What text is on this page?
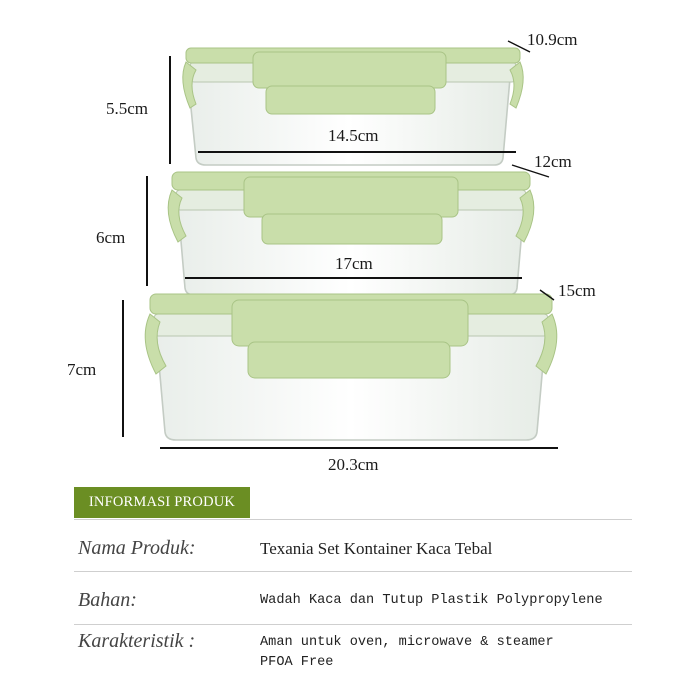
10.9cm
5.5cm
14.5cm
12cm
6cm
17cm
15cm
7cm
20.3cm
INFORMASI PRODUK
Nama Produk:	Texania Set Kontainer Kaca Tebal
Bahan:	Wadah Kaca dan Tutup Plastik Polypropylene
Karakteristik :	Aman untuk oven, microwave & steamer
PFOA Free
